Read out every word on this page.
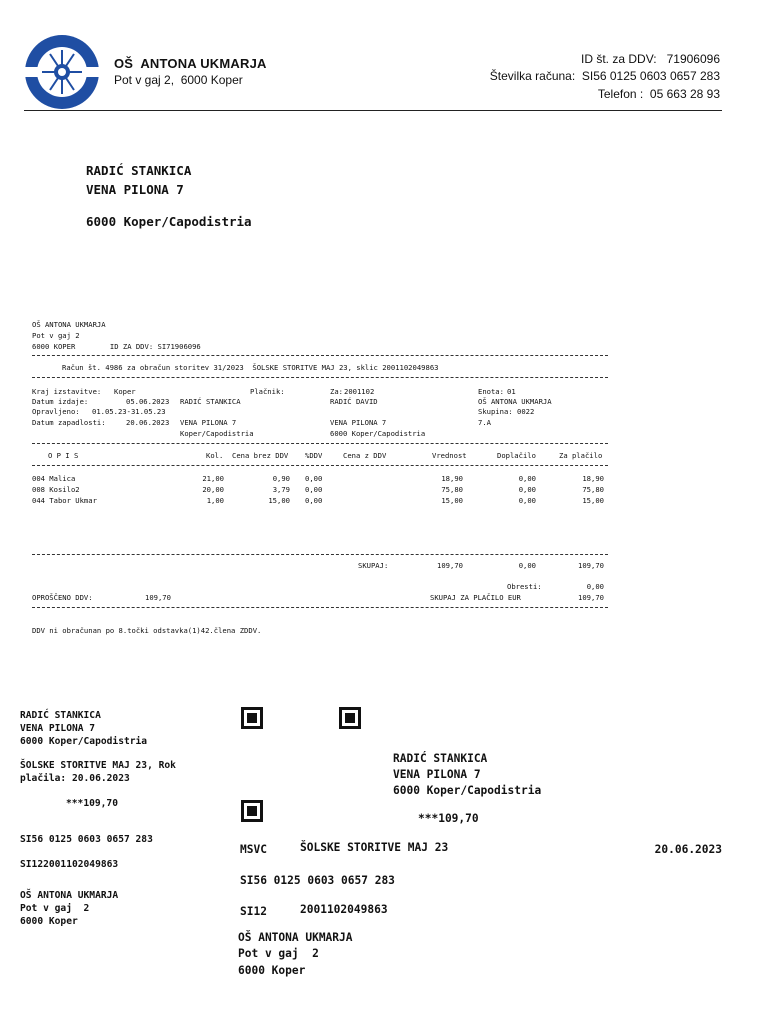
OŠ  ANTONA UKMARJA
Pot v gaj 2,  6000 Koper
ID št. za DDV: 71906096
Številka računa: SI56 0125 0603 0657 283
Telefon : 05 663 28 93
RADIĆ STANKICA
VENA PILONA 7
6000 Koper/Capodistria
OŠ ANTONA UKMARJA
Pot v gaj 2
6000 KOPER        ID ZA DDV: SI71906096
Račun št. 4986 za obračun storitev 31/2023  ŠOLSKE STORITVE MAJ 23, sklic 2001102049863
Kraj izstavitve: Koper	Plačnik:	Za: 2001102	Enota: 01
Datum izdaje:	05.06.2023 RADIĆ STANKICA	RADIĆ DAVID	OŠ ANTONA UKMARJA
Opravljeno: 01.05.23-31.05.23	Skupina: 0022
Datum zapadlosti:	20.06.2023 VENA PILONA 7	VENA PILONA 7	7.A
Koper/Capodistria	6000 Koper/Capodistria
O P I S	Kol. Cena brez DDV %DDV	Cena z DDV	Vrednost	Doplačilo	Za plačilo
004 Malica	21,00	0,90 0,00	18,90	0,00	18,90
008 Kosilo2	20,00	3,79 0,00	75,80	0,00	75,80
044 Tabor Ukmar	1,00	15,00 0,00	15,00	0,00	15,00
SKUPAJ:	109,70	0,00	109,70
Obresti:	0,00
OPROŠČENO DDV:	109,70	SKUPAJ ZA PLAČILO EUR	109,70
DDV ni obračunan po 8.točki odstavka(1)42.člena ZDDV.
RADIĆ STANKICA
VENA PILONA 7
6000 Koper/Capodistria
ŠOLSKE STORITVE MAJ 23, Rok
plačila: 20.06.2023
***109,70
SI56 0125 0603 0657 283
SI122001102049863
OŠ ANTONA UKMARJA
Pot v gaj  2
6000 Koper
RADIĆ STANKICA
VENA PILONA 7
6000 Koper/Capodistria
***109,70
MSVC	ŠOLSKE STORITVE MAJ 23	20.06.2023
SI56 0125 0603 0657 283
SI12	2001102049863
OŠ ANTONA UKMARJA
Pot v gaj  2
6000 Koper
